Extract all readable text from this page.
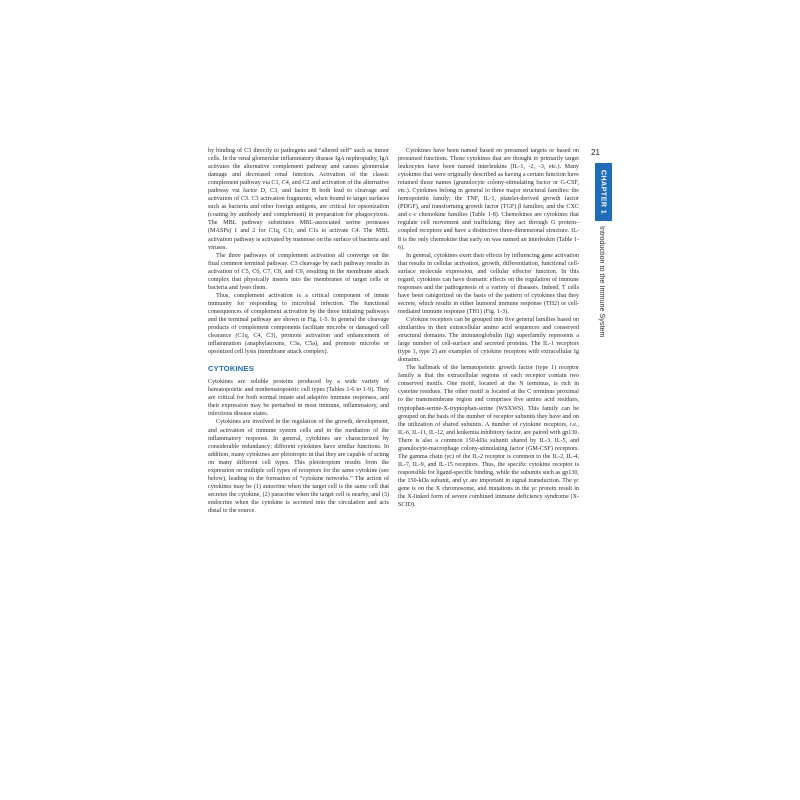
by binding of C3 directly to pathogens and “altered self” such as tumor cells. In the renal glomerular inflammatory disease IgA nephropathy, IgA activates the alternative complement pathway and causes glomerular damage and decreased renal function. Activation of the classic complement pathway via C1, C4, and C2 and activation of the alternative pathway via factor D, C3, and factor B both lead to cleavage and activation of C3. C3 activation fragments, when bound to target surfaces such as bacteria and other foreign antigens, are critical for opsonization (coating by antibody and complement) in preparation for phagocytosis. The MBL pathway substitutes MBL-associated serine proteases (MASPs) 1 and 2 for C1q, C1r, and C1s to activate C4. The MBL activation pathway is activated by mannose on the surface of bacteria and viruses.

The three pathways of complement activation all converge on the final common terminal pathway. C3 cleavage by each pathway results in activation of C5, C6, C7, C8, and C9, resulting in the membrane attack complex that physically inserts into the membranes of target cells or bacteria and lyses them.

Thus, complement activation is a critical component of innate immunity for responding to microbial infection. The functional consequences of complement activation by the three initiating pathways and the terminal pathway are shown in Fig. 1-5. In general the cleavage products of complement components facilitate microbe or damaged cell clearance (C1q, C4, C3), promote activation and enhancement of inflammation (anaphylatoxins, C3a, C5a), and promote microbe or opsonized cell lysis (membrane attack complex).

CYTOKINES

Cytokines are soluble proteins produced by a wide variety of hematopoietic and nonhematopoietic cell types (Tables 1-6 to 1-9). They are critical for both normal innate and adaptive immune responses, and their expression may be perturbed in most immune, inflammatory, and infectious disease states.

Cytokines are involved in the regulation of the growth, development, and activation of immune system cells and in the mediation of the inflammatory response. In general, cytokines are characterized by considerable redundancy; different cytokines have similar functions. In addition, many cytokines are pleiotropic in that they are capable of acting on many different cell types. This pleiotropism results from the expression on multiple cell types of receptors for the same cytokine (see below), leading to the formation of “cytokine networks.” The action of cytokines may be (1) autocrine when the target cell is the same cell that secretes the cytokine, (2) paracrine when the target cell is nearby, and (3) endocrine when the cytokine is secreted into the circulation and acts distal to the source.

Cytokines have been named based on presumed targets or based on presumed functions. Those cytokines that are thought to primarily target leukocytes have been named interleukins (IL-1, -2, -3, etc.). Many cytokines that were originally described as having a certain function have retained those names (granulocyte colony-stimulating factor or G-CSF, etc.). Cytokines belong in general to three major structural families: the hemopoietin family; the TNF, IL-1, platelet-derived growth factor (PDGF), and transforming growth factor (TGF) β families; and the CXC and c-c chemokine families (Table 1-8). Chemokines are cytokines that regulate cell movement and trafficking; they act through G protein–coupled receptors and have a distinctive three-dimensional structure. IL-8 is the only chemokine that early on was named an interleukin (Table 1-6).

In general, cytokines exert their effects by influencing gene activation that results in cellular activation, growth, differentiation, functional cell-surface molecule expression, and cellular effector function. In this regard, cytokines can have dramatic effects on the regulation of immune responses and the pathogenesis of a variety of diseases. Indeed, T cells have been categorized on the basis of the pattern of cytokines that they secrete, which results in either humoral immune response (TH2) or cell-mediated immune response (TH1) (Fig. 1-3).

Cytokine receptors can be grouped into five general families based on similarities in their extracellular amino acid sequences and conserved structural domains. The immunoglobulin (Ig) superfamily represents a large number of cell-surface and secreted proteins. The IL-1 receptors (type 1, type 2) are examples of cytokine receptors with extracellular Ig domains.

The hallmark of the hematopoietic growth factor (type 1) receptor family is that the extracellular regions of each receptor contain two conserved motifs. One motif, located at the N terminus, is rich in cysteine residues. The other motif is located at the C terminus proximal to the transmembrane region and comprises five amino acid residues, tryptophan-serine-X-tryptophan-serine (WSXWS). This family can be grouped on the basis of the number of receptor subunits they have and on the utilization of shared subunits. A number of cytokine receptors, i.e., IL-6, IL-11, IL-12, and leukemia inhibitory factor, are paired with gp130. There is also a common 150-kDa subunit shared by IL-3, IL-5, and granulocyte-macrophage colony-stimulating factor (GM-CSF) receptors. The gamma chain (γc) of the IL-2 receptor is common to the IL-2, IL-4, IL-7, IL-9, and IL-15 receptors. Thus, the specific cytokine receptor is responsible for ligand-specific binding, while the subunits such as gp130, the 150-kDa subunit, and γc are important in signal transduction. The γc gene is on the X chromosome, and mutations in the γc protein result in the X-linked form of severe combined immune deficiency syndrome (X-SCID).

21
CHAPTER 1
Introduction to the Immune System
